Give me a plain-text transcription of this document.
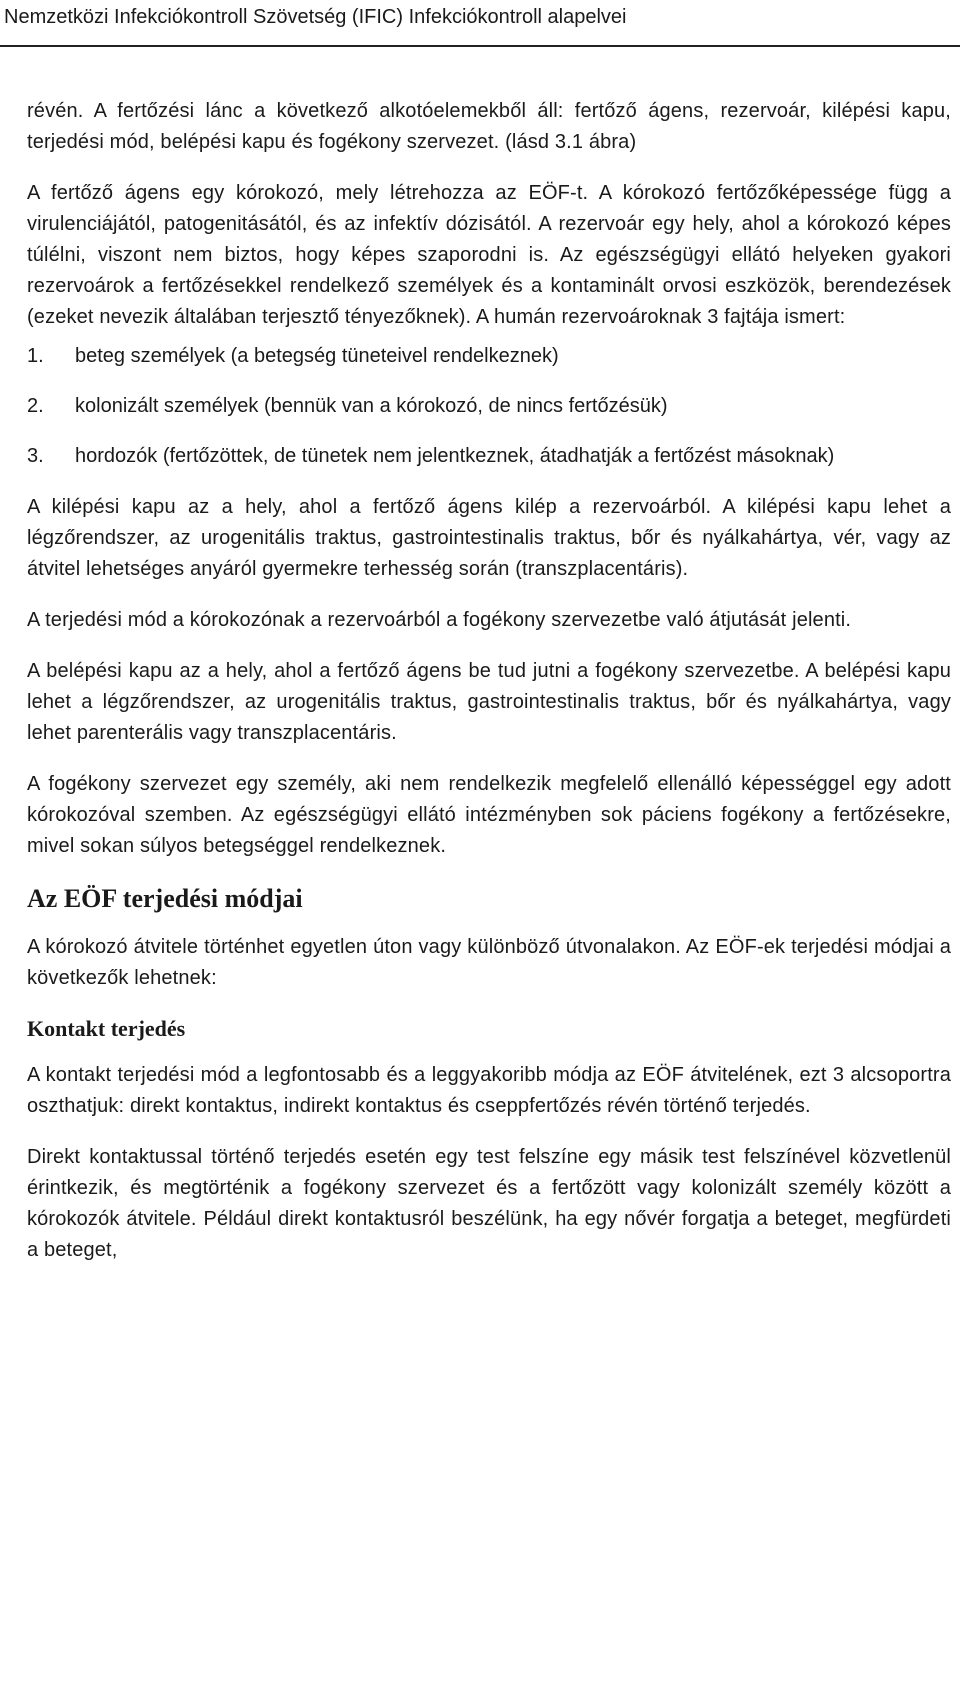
Nemzetközi Infekciókontroll Szövetség (IFIC) Infekciókontroll alapelvei

révén. A fertőzési lánc a következő alkotóelemekből áll: fertőző ágens, rezervoár, kilépési kapu, terjedési mód, belépési kapu és fogékony szervezet. (lásd 3.1 ábra)

A fertőző ágens egy kórokozó, mely létrehozza az EÖF-t. A kórokozó fertőzőképessége függ a virulenciájától, patogenitásától, és az infektív dózisától. A rezervoár egy hely, ahol a kórokozó képes túlélni, viszont nem biztos, hogy képes szaporodni is. Az egészségügyi ellátó helyeken gyakori rezervoárok a fertőzésekkel rendelkező személyek és a kontaminált orvosi eszközök, berendezések (ezeket nevezik általában terjesztő tényezőknek). A humán rezervoároknak 3 fajtája ismert:

1.	beteg személyek (a betegség tüneteivel rendelkeznek)
2.	kolonizált személyek (bennük van a kórokozó, de nincs fertőzésük)
3.	hordozók (fertőzöttek, de tünetek nem jelentkeznek, átadhatják a fertőzést másoknak)

A kilépési kapu az a hely, ahol a fertőző ágens kilép a rezervoárból. A kilépési kapu lehet a légzőrendszer, az urogenitális traktus, gastrointestinalis traktus, bőr és nyálkahártya, vér, vagy az átvitel lehetséges anyáról gyermekre terhesség során (transzplacentáris).

A terjedési mód a kórokozónak a rezervoárból a fogékony szervezetbe való átjutását jelenti.

A belépési kapu az a hely, ahol a fertőző ágens be tud jutni a fogékony szervezetbe. A belépési kapu lehet a légzőrendszer, az urogenitális traktus, gastrointestinalis traktus, bőr és nyálkahártya, vagy lehet parenterális vagy transzplacentáris.

A fogékony szervezet egy személy, aki nem rendelkezik megfelelő ellenálló képességgel egy adott kórokozóval szemben. Az egészségügyi ellátó intézményben sok páciens fogékony a fertőzésekre, mivel sokan súlyos betegséggel rendelkeznek.

Az EÖF terjedési módjai

A kórokozó átvitele történhet egyetlen úton vagy különböző útvonalakon. Az EÖF-ek terjedési módjai a következők lehetnek:

Kontakt terjedés

A kontakt terjedési mód a legfontosabb és a leggyakoribb módja az EÖF átvitelének, ezt 3 alcsoportra oszthatjuk: direkt kontaktus, indirekt kontaktus és cseppfertőzés révén történő terjedés.

Direkt kontaktussal történő terjedés esetén egy test felszíne egy másik test felszínével közvetlenül érintkezik, és megtörténik a fogékony szervezet és a fertőzött vagy kolonizált személy között a kórokozók átvitele. Például direkt kontaktusról beszélünk, ha egy nővér forgatja a beteget, megfürdeti a beteget,
